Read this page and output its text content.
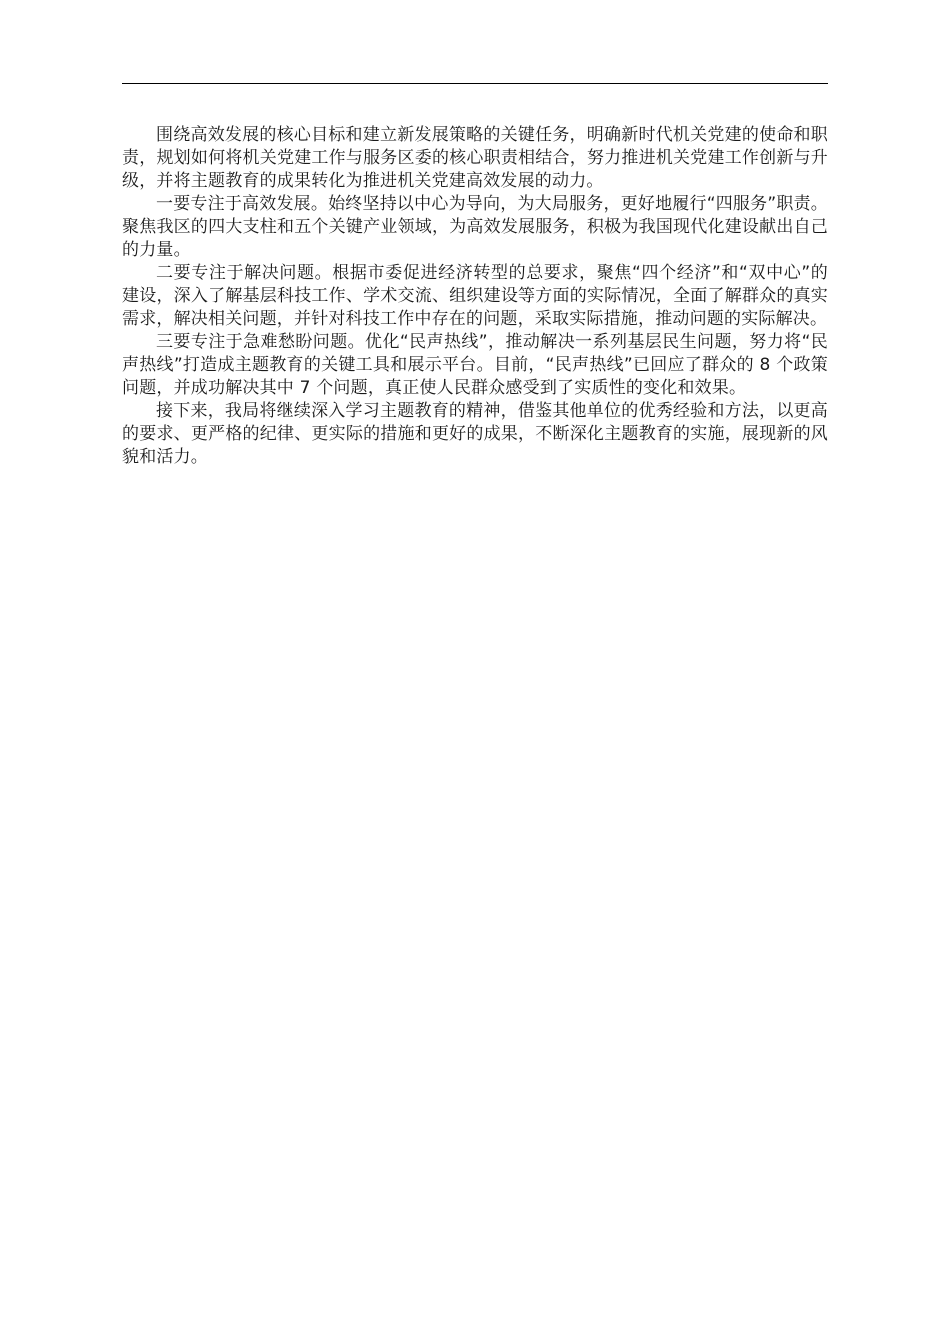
围绕高效发展的核心目标和建立新发展策略的关键任务，明确新时代机关党建的使命和职责，规划如何将机关党建工作与服务区委的核心职责相结合，努力推进机关党建工作创新与升级，并将主题教育的成果转化为推进机关党建高效发展的动力。

一要专注于高效发展。始终坚持以中心为导向，为大局服务，更好地履行“四服务”职责。聚焦我区的四大支柱和五个关键产业领域，为高效发展服务，积极为我国现代化建设献出自己的力量。

二要专注于解决问题。根据市委促进经济转型的总要求，聚焦“四个经济”和“双中心”的建设，深入了解基层科技工作、学术交流、组织建设等方面的实际情况，全面了解群众的真实需求，解决相关问题，并针对科技工作中存在的问题，采取实际措施，推动问题的实际解决。

三要专注于急难愁盼问题。优化“民声热线”，推动解决一系列基层民生问题，努力将“民声热线”打造成主题教育的关键工具和展示平台。目前，“民声热线”已回应了群众的 8 个政策问题，并成功解决其中 7 个问题，真正使人民群众感受到了实质性的变化和效果。

接下来，我局将继续深入学习主题教育的精神，借鉴其他单位的优秀经验和方法，以更高的要求、更严格的纪律、更实际的措施和更好的成果，不断深化主题教育的实施，展现新的风貌和活力。
